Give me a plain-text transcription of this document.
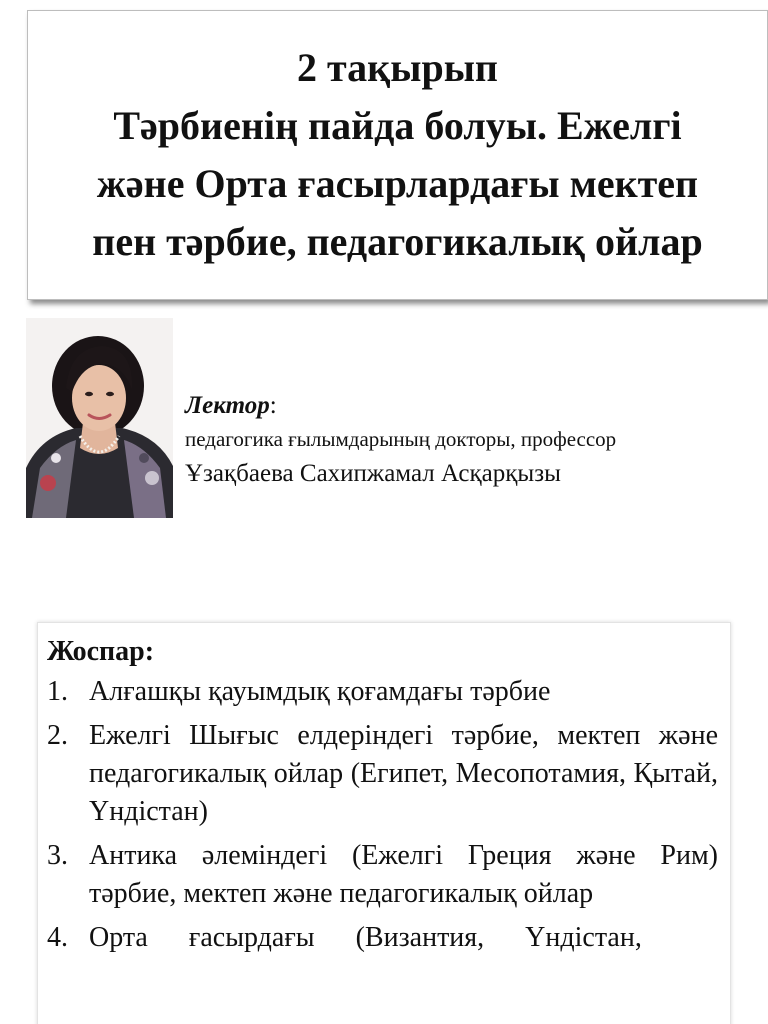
2 тақырып
Тәрбиенің пайда болуы. Ежелгі
және Орта ғасырлардағы мектеп
пен тәрбие, педагогикалық ойлар
Лектор:
педагогика ғылымдарының докторы, профессор
Ұзақбаева Сахипжамал Асқарқызы
Жоспар:
1. Алғашқы қауымдық қоғамдағы тәрбие
2. Ежелгі Шығыс елдеріндегі тәрбие, мектеп және педагогикалық ойлар (Египет, Месопотамия, Қытай, Үндістан)
3. Антика әлеміндегі (Ежелгі Греция және Рим) тәрбие, мектеп және педагогикалық ойлар
4. Орта ғасырдағы (Византия, Үндістан,
